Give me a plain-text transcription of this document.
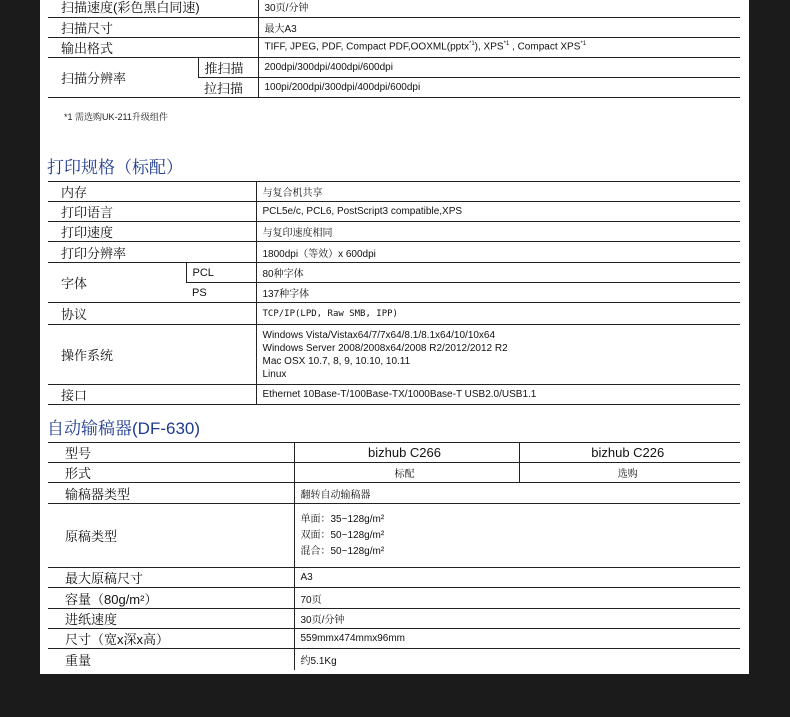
扫描速度(彩色黑白同速)		30页/分钟
扫描尺寸		最大A3
输出格式		TIFF, JPEG, PDF, Compact PDF,OOXML(pptx$^{*1}$), XPS$^{*1}$ , Compact XPS$^{*1}$
扫描分辨率	推扫描	200dpi/300dpi/400dpi/600dpi
	拉扫描	100pi/200dpi/300dpi/400dpi/600dpi
*1 需选购UK-211升级组件
打印规格（标配）
内存		与复合机共享
打印语言		PCL5e/c, PCL6, PostScript3 compatible,XPS
打印速度		与复印速度相同
打印分辨率		1800dpi（等效）x 600dpi
字体	PCL	80种字体
	PS	137种字体
协议		TCP/IP(LPD, Raw SMB, IPP)
操作系统		Windows Vista/Vistax64/7/7x64/8.1/8.1x64/10/10x64
Windows Server 2008/2008x64/2008 R2/2012/2012 R2
Mac OSX 10.7, 8, 9, 10.10, 10.11
Linux

接口		Ethernet 10Base-T/100Base-TX/1000Base-T USB2.0/USB1.1
自动输稿器(DF-630)
型号	bizhub C266	bizhub C226
形式	标配	选购
输稿器类型	翻转自动输稿器	
原稿类型	单面：35~128g/m²
双面：50~128g/m²
混合：50~128g/m²	

最大原稿尺寸	A3	
容量（80g/m²）	70页	
进纸速度	30页/分钟	
尺寸（宽x深x高）	559mmx474mmx96mm	
重量	约5.1Kg	
